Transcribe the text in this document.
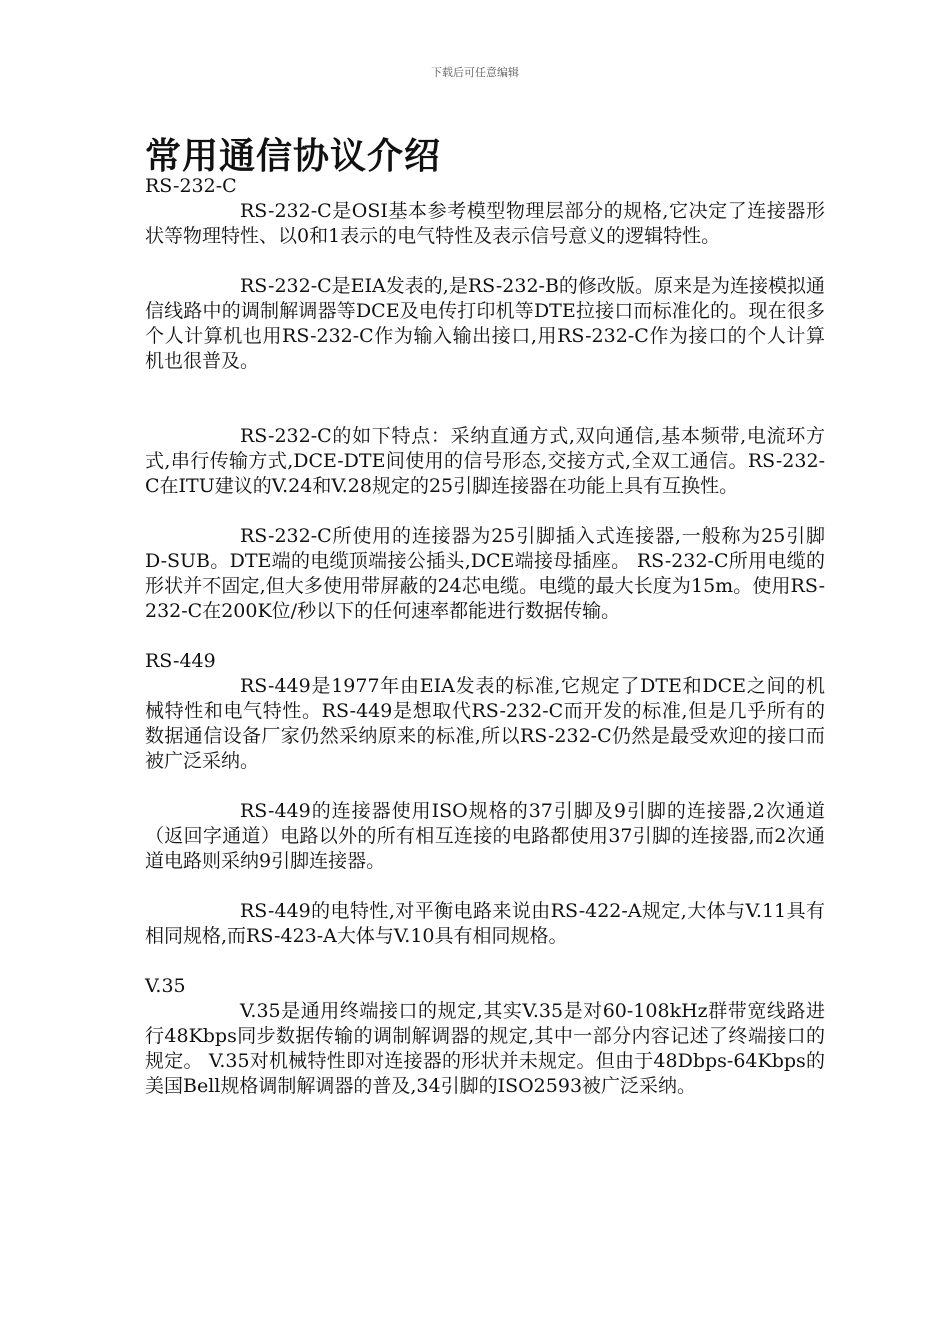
下载后可任意编辑
常用通信协议介绍

RS-232-C

RS-232-C是OSI基本参考模型物理层部分的规格,它决定了连接器形状等物理特性、以0和1表示的电气特性及表示信号意义的逻辑特性。

RS-232-C是EIA发表的,是RS-232-B的修改版。原来是为连接模拟通信线路中的调制解调器等DCE及电传打印机等DTE拉接口而标准化的。现在很多个人计算机也用RS-232-C作为输入输出接口,用RS-232-C作为接口的个人计算机也很普及。

RS-232-C的如下特点：采纳直通方式,双向通信,基本频带,电流环方式,串行传输方式,DCE-DTE间使用的信号形态,交接方式,全双工通信。RS-232-C在ITU建议的V.24和V.28规定的25引脚连接器在功能上具有互换性。

RS-232-C所使用的连接器为25引脚插入式连接器,一般称为25引脚D-SUB。DTE端的电缆顶端接公插头,DCE端接母插座。 RS-232-C所用电缆的形状并不固定,但大多使用带屏蔽的24芯电缆。电缆的最大长度为15m。使用RS-232-C在200K位/秒以下的任何速率都能进行数据传输。

RS-449

RS-449是1977年由EIA发表的标准,它规定了DTE和DCE之间的机械特性和电气特性。RS-449是想取代RS-232-C而开发的标准,但是几乎所有的数据通信设备厂家仍然采纳原来的标准,所以RS-232-C仍然是最受欢迎的接口而被广泛采纳。

RS-449的连接器使用ISO规格的37引脚及9引脚的连接器,2次通道（返回字通道）电路以外的所有相互连接的电路都使用37引脚的连接器,而2次通道电路则采纳9引脚连接器。

RS-449的电特性,对平衡电路来说由RS-422-A规定,大体与V.11具有相同规格,而RS-423-A大体与V.10具有相同规格。

V.35

V.35是通用终端接口的规定,其实V.35是对60-108kHz群带宽线路进行48Kbps同步数据传输的调制解调器的规定,其中一部分内容记述了终端接口的规定。 V.35对机械特性即对连接器的形状并未规定。但由于48Dbps-64Kbps的美国Bell规格调制解调器的普及,34引脚的ISO2593被广泛采纳。
